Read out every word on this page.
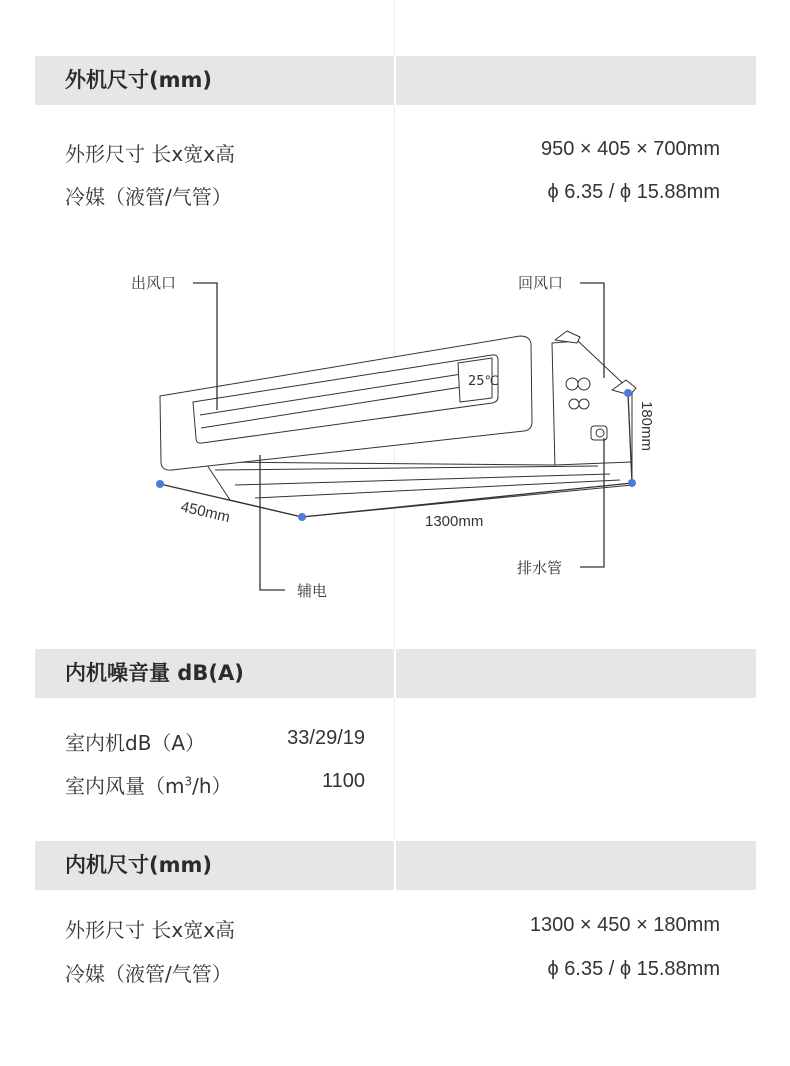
外机尺寸(mm)
外形尺寸 长x宽x高	950 × 405 × 700mm
冷媒（液管/气管）	ϕ 6.35 / ϕ 15.88mm
25℃
出风口	回风口
辅电
排水管
450mm	1300mm
180mm
内机噪音量 dB(A)
室内机dB（A）	33/29/19
室内风量$(m^3/h)$	1100
内机尺寸(mm)
外形尺寸 长x宽x高	1300 × 450 × 180mm
冷媒（液管/气管）	ϕ 6.35 / ϕ 15.88mm
